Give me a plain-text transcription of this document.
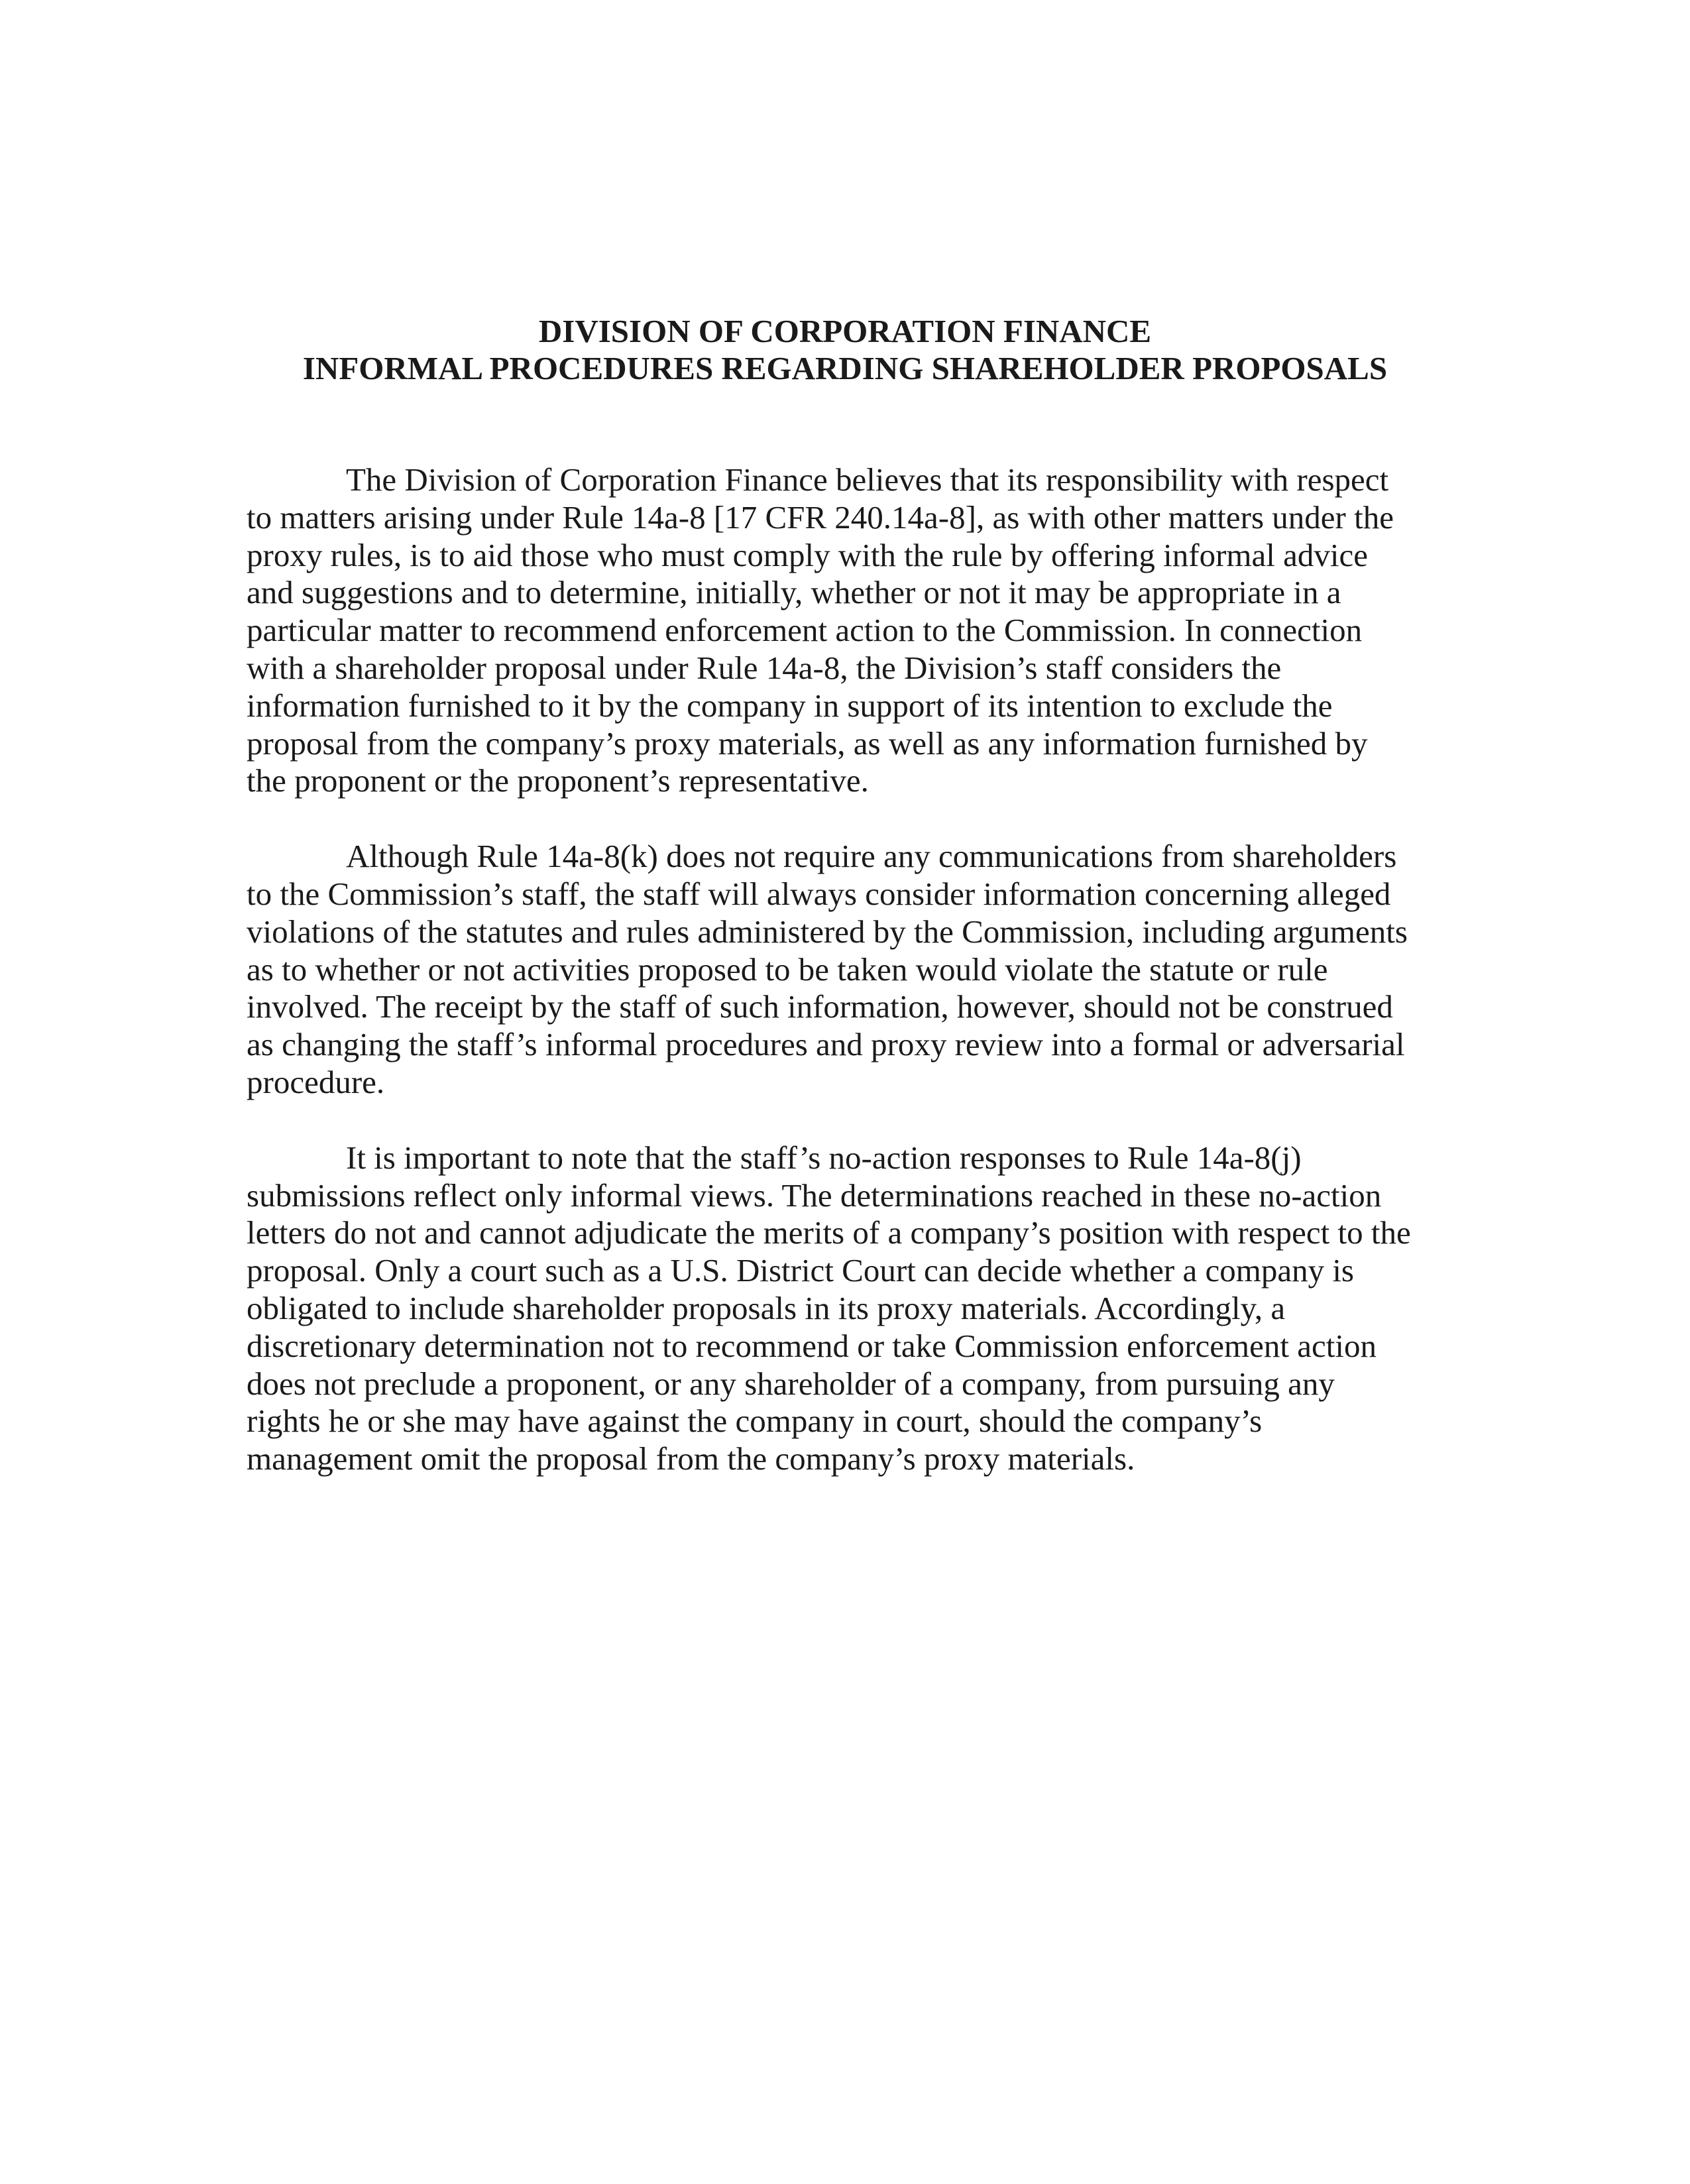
DIVISION OF CORPORATION FINANCE
INFORMAL PROCEDURES REGARDING SHAREHOLDER PROPOSALS

The Division of Corporation Finance believes that its responsibility with respect
to matters arising under Rule 14a-8 [17 CFR 240.14a-8], as with other matters under the
proxy rules, is to aid those who must comply with the rule by offering informal advice
and suggestions and to determine, initially, whether or not it may be appropriate in a
particular matter to recommend enforcement action to the Commission. In connection
with a shareholder proposal under Rule 14a-8, the Division’s staff considers the
information furnished to it by the company in support of its intention to exclude the
proposal from the company’s proxy materials, as well as any information furnished by
the proponent or the proponent’s representative.

Although Rule 14a-8(k) does not require any communications from shareholders
to the Commission’s staff, the staff will always consider information concerning alleged
violations of the statutes and rules administered by the Commission, including arguments
as to whether or not activities proposed to be taken would violate the statute or rule
involved. The receipt by the staff of such information, however, should not be construed
as changing the staff’s informal procedures and proxy review into a formal or adversarial
procedure.

It is important to note that the staff’s no-action responses to Rule 14a-8(j)
submissions reflect only informal views. The determinations reached in these no-action
letters do not and cannot adjudicate the merits of a company’s position with respect to the
proposal. Only a court such as a U.S. District Court can decide whether a company is
obligated to include shareholder proposals in its proxy materials. Accordingly, a
discretionary determination not to recommend or take Commission enforcement action
does not preclude a proponent, or any shareholder of a company, from pursuing any
rights he or she may have against the company in court, should the company’s
management omit the proposal from the company’s proxy materials.
